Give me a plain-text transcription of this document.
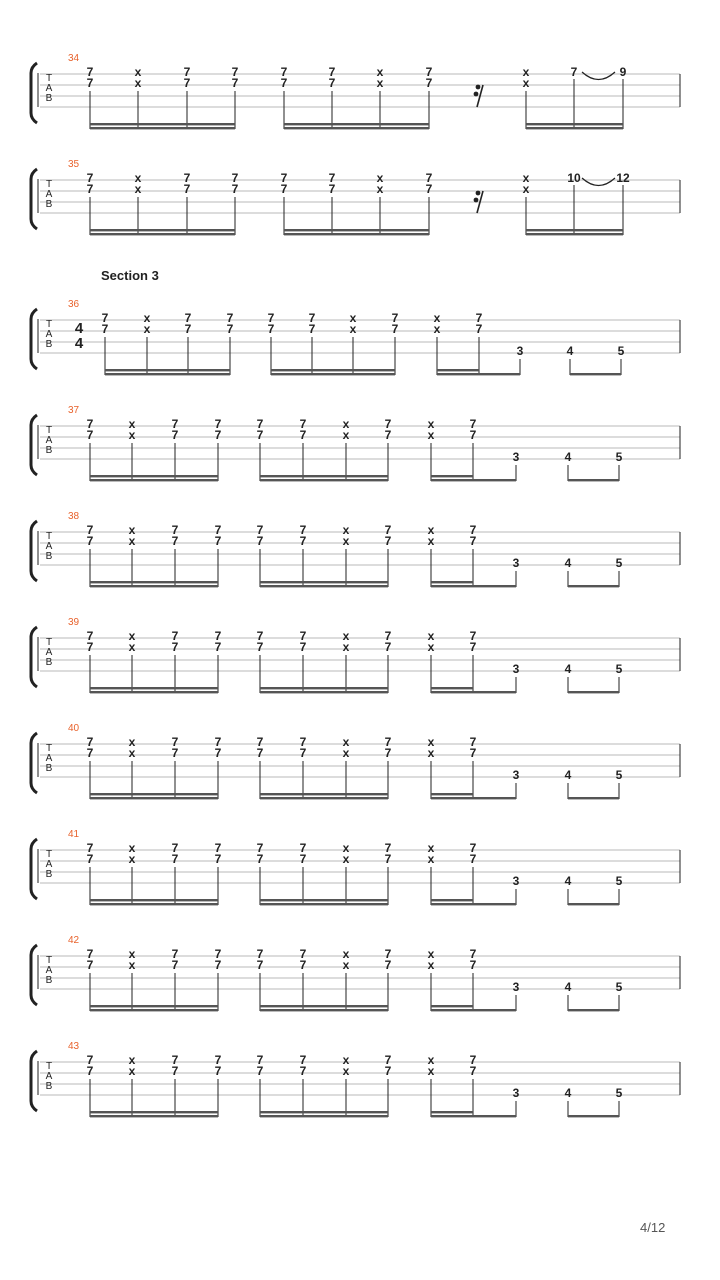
T
A
B
34
7	x	7	7	7	7	x	7
7	x	7	7	7	7	x	7
x	7	9
x
T
A
B
35
7	x	7	7	7	7	x	7
7	x	7	7	7	7	x	7
x	10	12
x
T
A
B
36
4
4
7	x	7	7	7	7	x	7	x	7
7	x	7	7	7	7	x	7	x	7
3	4	5
T
A
B
37
7	x	7	7	7	7	x	7	x	7
7	x	7	7	7	7	x	7	x	7
3	4	5
T
A
B
38
7	x	7	7	7	7	x	7	x	7
7	x	7	7	7	7	x	7	x	7
3	4	5
T
A
B
39
7	x	7	7	7	7	x	7	x	7
7	x	7	7	7	7	x	7	x	7
3	4	5
T
A
B
40
7	x	7	7	7	7	x	7	x	7
7	x	7	7	7	7	x	7	x	7
3	4	5
T
A
B
41
7	x	7	7	7	7	x	7	x	7
7	x	7	7	7	7	x	7	x	7
3	4	5
T
A
B
42
7	x	7	7	7	7	x	7	x	7
7	x	7	7	7	7	x	7	x	7
3	4	5
T
A
B
43
7	x	7	7	7	7	x	7	x	7
7	x	7	7	7	7	x	7	x	7
3	4	5
Section 3
4/12
